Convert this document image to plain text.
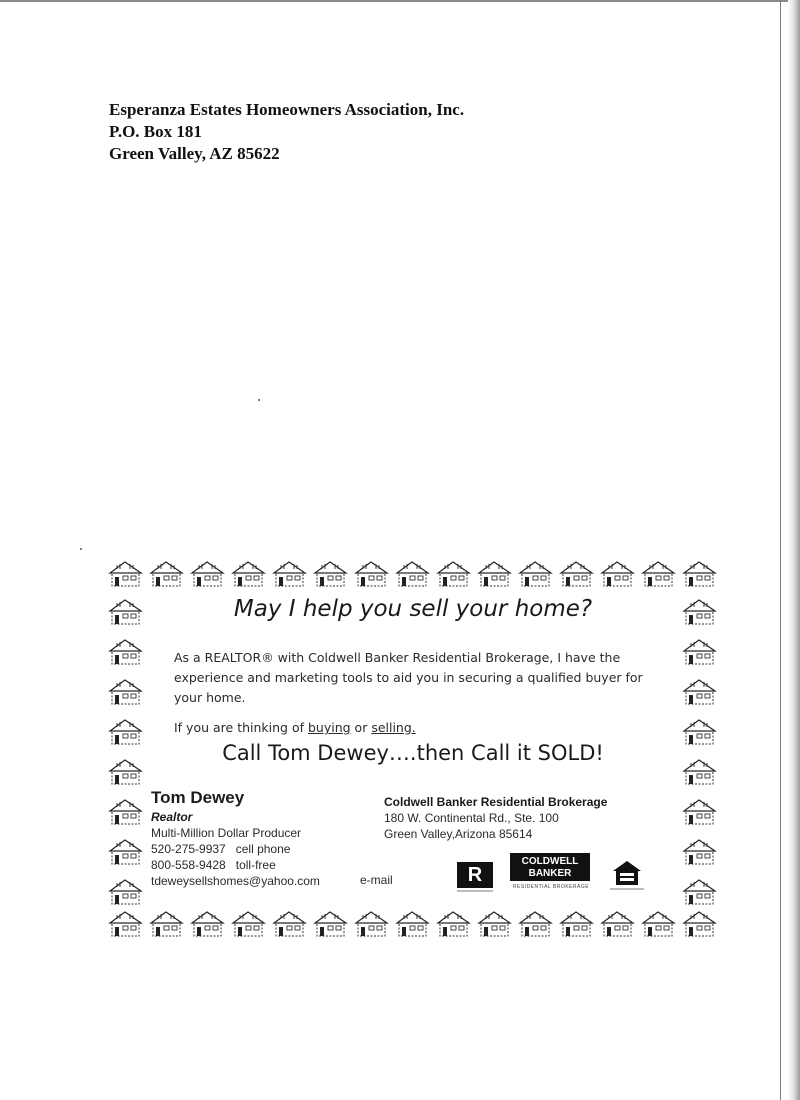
Esperanza Estates Homeowners Association, Inc.
P.O. Box 181
Green Valley, AZ 85622
May I help you sell your home?
As a REALTOR® with Coldwell Banker Residential Brokerage, I have the experience and marketing tools to aid you in securing a qualified buyer for your home.
If you are thinking of buying or selling.
Call Tom Dewey….then Call it SOLD!
Tom Dewey
Realtor
Multi-Million Dollar Producer
520-275-9937 cell phone
800-558-9428 toll-free
tdeweysellshomes@yahoo.com	e-mail
Coldwell Banker Residential Brokerage
180 W. Continental Rd., Ste. 100
Green Valley,Arizona 85614
R
COLDWELL
BANKER
RESIDENTIAL BROKERAGE
